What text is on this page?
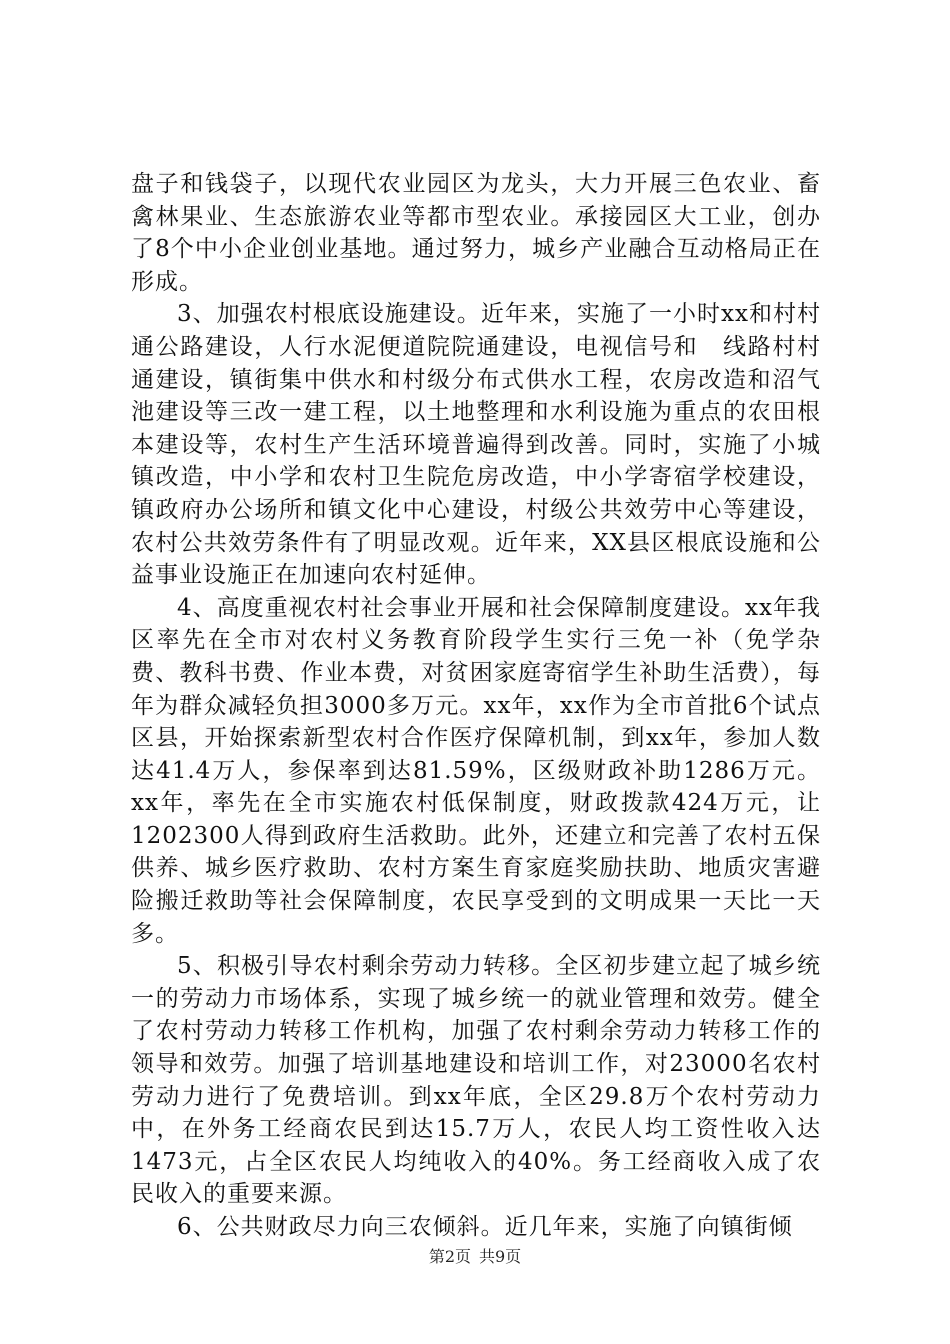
盘子和钱袋子，以现代农业园区为龙头，大力开展三色农业、畜禽林果业、生态旅游农业等都市型农业。承接园区大工业，创办了8个中小企业创业基地。通过努力，城乡产业融合互动格局正在形成。

3、加强农村根底设施建设。近年来，实施了一小时xx和村村通公路建设，人行水泥便道院院通建设，电视信号和　线路村村通建设，镇街集中供水和村级分布式供水工程，农房改造和沼气池建设等三改一建工程，以土地整理和水利设施为重点的农田根本建设等，农村生产生活环境普遍得到改善。同时，实施了小城镇改造，中小学和农村卫生院危房改造，中小学寄宿学校建设，镇政府办公场所和镇文化中心建设，村级公共效劳中心等建设，农村公共效劳条件有了明显改观。近年来，XX县区根底设施和公益事业设施正在加速向农村延伸。

4、高度重视农村社会事业开展和社会保障制度建设。xx年我区率先在全市对农村义务教育阶段学生实行三免一补（免学杂费、教科书费、作业本费，对贫困家庭寄宿学生补助生活费），每年为群众减轻负担3000多万元。xx年，xx作为全市首批6个试点区县，开始探索新型农村合作医疗保障机制，到xx年，参加人数达41.4万人，参保率到达81.59%，区级财政补助1286万元。xx年，率先在全市实施农村低保制度，财政拨款424万元，让1202300人得到政府生活救助。此外，还建立和完善了农村五保供养、城乡医疗救助、农村方案生育家庭奖励扶助、地质灾害避险搬迁救助等社会保障制度，农民享受到的文明成果一天比一天多。

5、积极引导农村剩余劳动力转移。全区初步建立起了城乡统一的劳动力市场体系，实现了城乡统一的就业管理和效劳。健全了农村劳动力转移工作机构，加强了农村剩余劳动力转移工作的领导和效劳。加强了培训基地建设和培训工作，对23000名农村劳动力进行了免费培训。到xx年底，全区29.8万个农村劳动力中，在外务工经商农民到达15.7万人，农民人均工资性收入达1473元，占全区农民人均纯收入的40%。务工经商收入成了农民收入的重要来源。

6、公共财政尽力向三农倾斜。近几年来，实施了向镇街倾

第2页 共9页
